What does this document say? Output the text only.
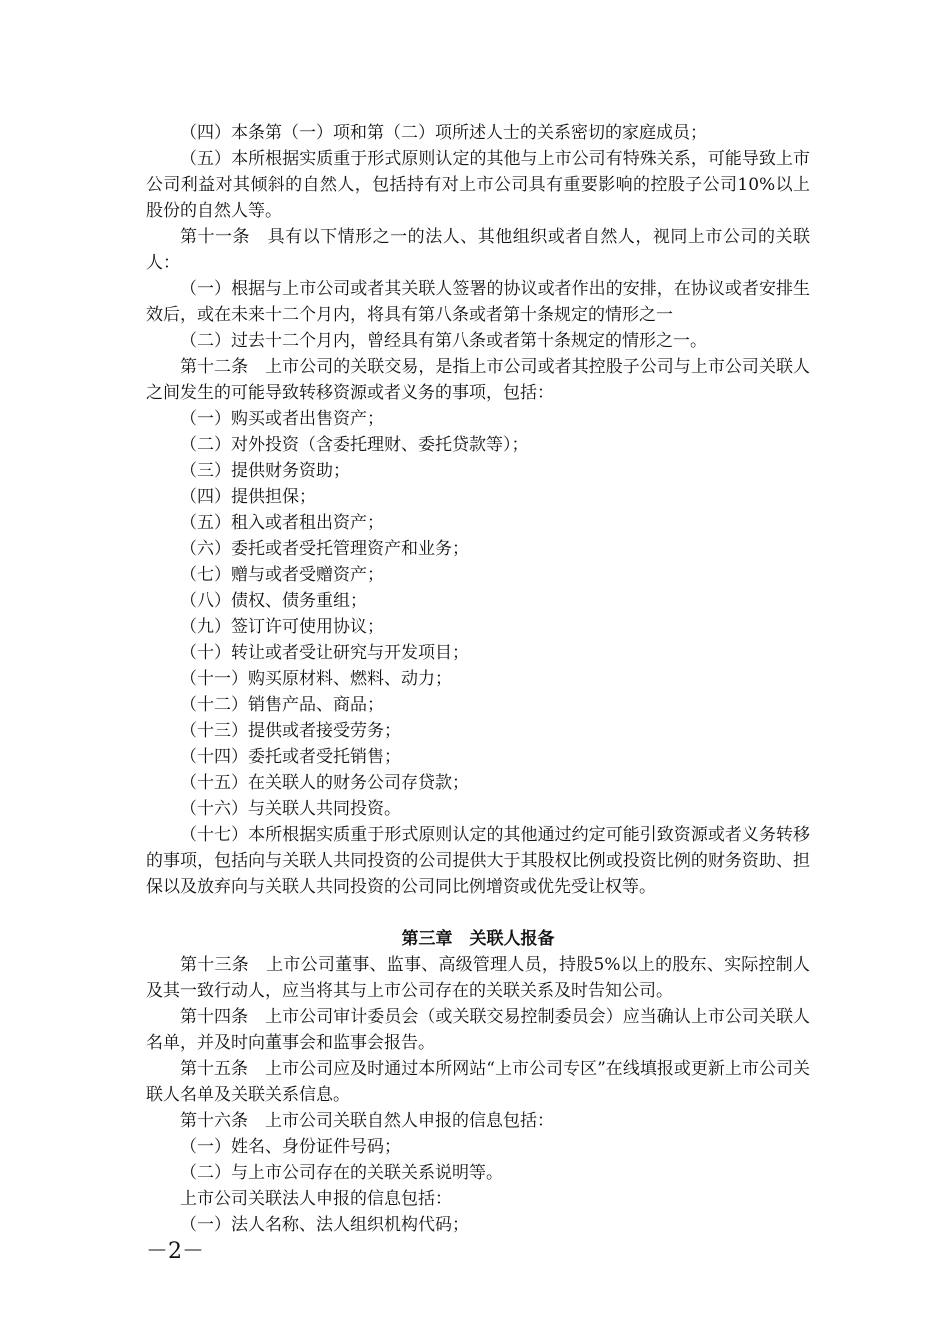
（四）本条第（一）项和第（二）项所述人士的关系密切的家庭成员；

（五）本所根据实质重于形式原则认定的其他与上市公司有特殊关系，可能导致上市公司利益对其倾斜的自然人，包括持有对上市公司具有重要影响的控股子公司10%以上股份的自然人等。

第十一条　具有以下情形之一的法人、其他组织或者自然人，视同上市公司的关联人：

（一）根据与上市公司或者其关联人签署的协议或者作出的安排，在协议或者安排生效后，或在未来十二个月内，将具有第八条或者第十条规定的情形之一

（二）过去十二个月内，曾经具有第八条或者第十条规定的情形之一。

第十二条　上市公司的关联交易，是指上市公司或者其控股子公司与上市公司关联人之间发生的可能导致转移资源或者义务的事项，包括：

（一）购买或者出售资产；

（二）对外投资（含委托理财、委托贷款等）；

（三）提供财务资助；

（四）提供担保；

（五）租入或者租出资产；

（六）委托或者受托管理资产和业务；

（七）赠与或者受赠资产；

（八）债权、债务重组；

（九）签订许可使用协议；

（十）转让或者受让研究与开发项目；

（十一）购买原材料、燃料、动力；

（十二）销售产品、商品；

（十三）提供或者接受劳务；

（十四）委托或者受托销售；

（十五）在关联人的财务公司存贷款；

（十六）与关联人共同投资。

（十七）本所根据实质重于形式原则认定的其他通过约定可能引致资源或者义务转移的事项，包括向与关联人共同投资的公司提供大于其股权比例或投资比例的财务资助、担保以及放弃向与关联人共同投资的公司同比例增资或优先受让权等。

第三章　关联人报备

第十三条　上市公司董事、监事、高级管理人员，持股5%以上的股东、实际控制人及其一致行动人，应当将其与上市公司存在的关联关系及时告知公司。

第十四条　上市公司审计委员会（或关联交易控制委员会）应当确认上市公司关联人名单，并及时向董事会和监事会报告。

第十五条　上市公司应及时通过本所网站“上市公司专区”在线填报或更新上市公司关联人名单及关联关系信息。

第十六条　上市公司关联自然人申报的信息包括：

（一）姓名、身份证件号码；

（二）与上市公司存在的关联关系说明等。

上市公司关联法人申报的信息包括：

（一）法人名称、法人组织机构代码；

－2－
